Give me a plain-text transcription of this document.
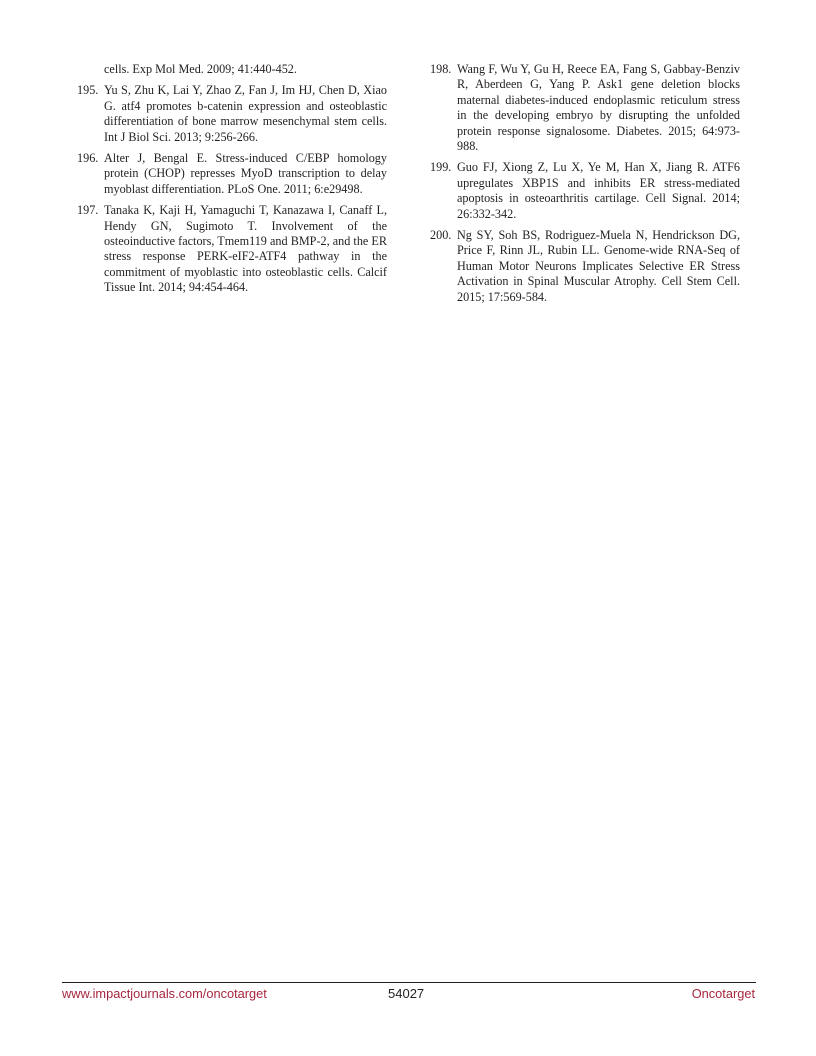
cells. Exp Mol Med. 2009; 41:440-452.
195. Yu S, Zhu K, Lai Y, Zhao Z, Fan J, Im HJ, Chen D, Xiao G. atf4 promotes b-catenin expression and osteoblastic differentiation of bone marrow mesenchymal stem cells. Int J Biol Sci. 2013; 9:256-266.
196. Alter J, Bengal E. Stress-induced C/EBP homology protein (CHOP) represses MyoD transcription to delay myoblast differentiation. PLoS One. 2011; 6:e29498.
197. Tanaka K, Kaji H, Yamaguchi T, Kanazawa I, Canaff L, Hendy GN, Sugimoto T. Involvement of the osteoinductive factors, Tmem119 and BMP-2, and the ER stress response PERK-eIF2-ATF4 pathway in the commitment of myoblastic into osteoblastic cells. Calcif Tissue Int. 2014; 94:454-464.
198. Wang F, Wu Y, Gu H, Reece EA, Fang S, Gabbay-Benziv R, Aberdeen G, Yang P. Ask1 gene deletion blocks maternal diabetes-induced endoplasmic reticulum stress in the developing embryo by disrupting the unfolded protein response signalosome. Diabetes. 2015; 64:973-988.
199. Guo FJ, Xiong Z, Lu X, Ye M, Han X, Jiang R. ATF6 upregulates XBP1S and inhibits ER stress-mediated apoptosis in osteoarthritis cartilage. Cell Signal. 2014; 26:332-342.
200. Ng SY, Soh BS, Rodriguez-Muela N, Hendrickson DG, Price F, Rinn JL, Rubin LL. Genome-wide RNA-Seq of Human Motor Neurons Implicates Selective ER Stress Activation in Spinal Muscular Atrophy. Cell Stem Cell. 2015; 17:569-584.
www.impactjournals.com/oncotarget	54027	Oncotarget
